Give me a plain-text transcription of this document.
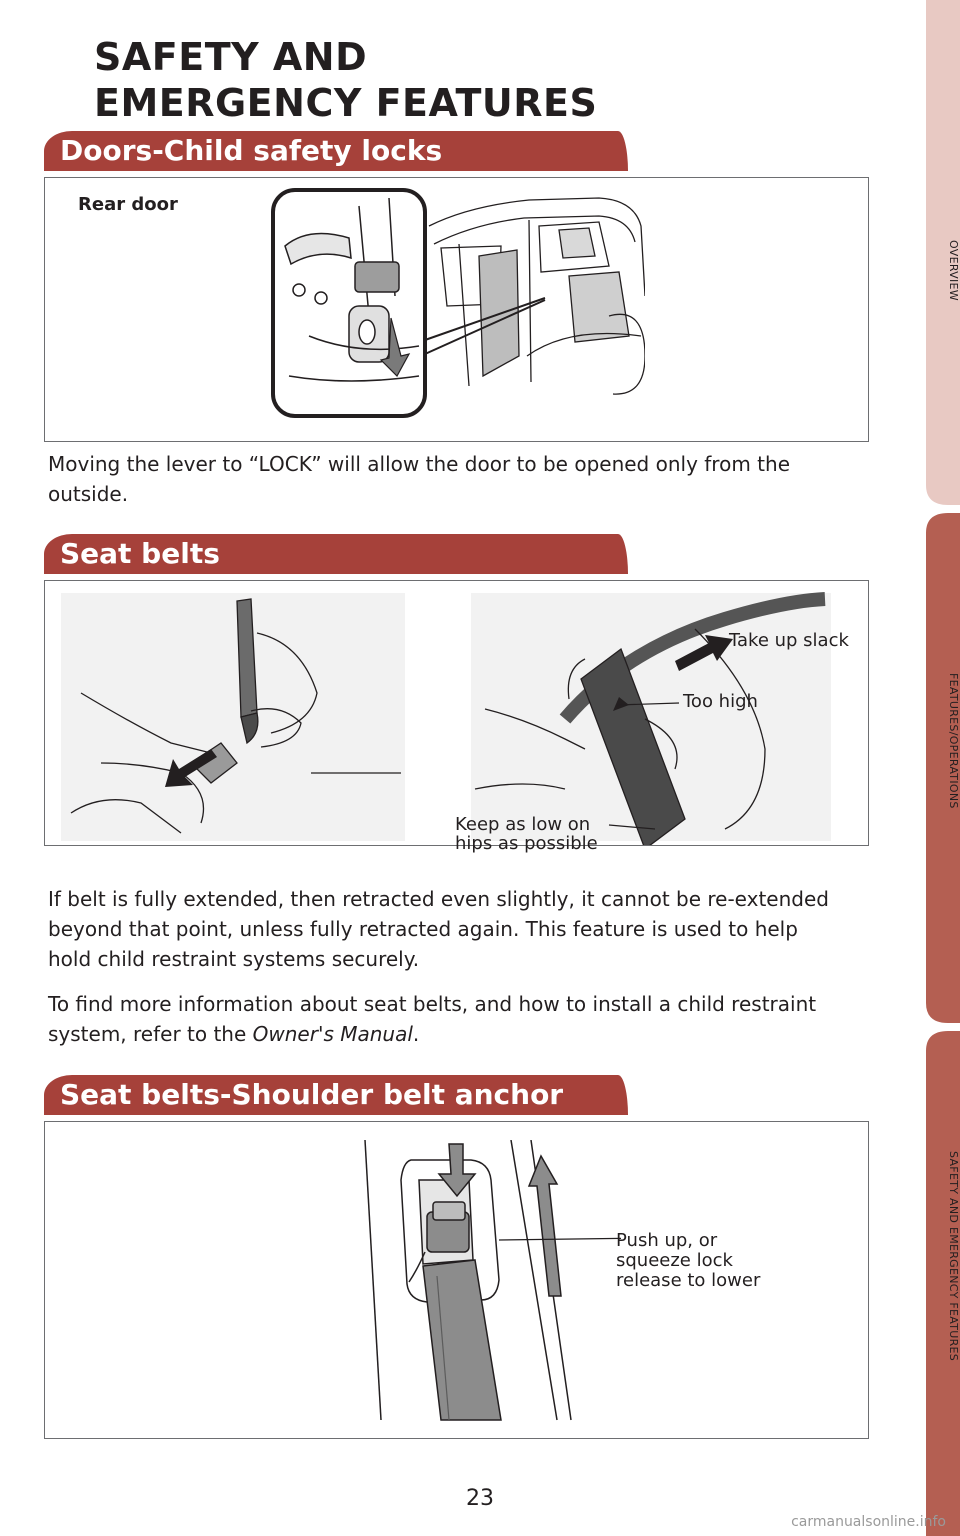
SAFETY AND
EMERGENCY FEATURES
OVERVIEW
FEATURES/OPERATIONS
SAFETY AND EMERGENCY FEATURES
Doors-Child safety locks
Rear door
Moving the lever to “LOCK” will allow the door to be opened only from the outside.
Seat belts
Take up slack
Too high
Keep as low on
hips as possible
If belt is fully extended, then retracted even slightly, it cannot be re-extended beyond that point, unless fully retracted again. This feature is used to help hold child restraint systems securely.
To find more information about seat belts, and how to install a child restraint system, refer to the Owner's Manual.
Seat belts-Shoulder belt anchor
Push up, or
squeeze lock
release to lower
23
carmanualsonline.info
